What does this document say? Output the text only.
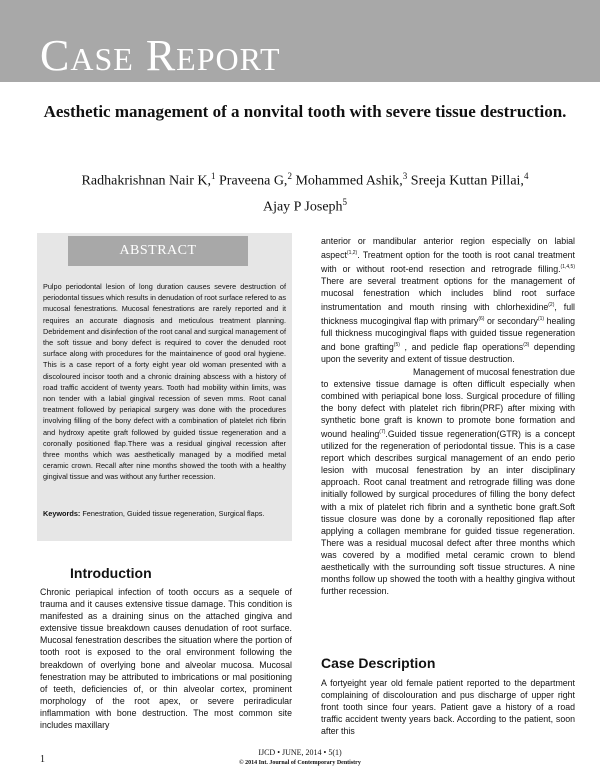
CASE REPORT
Aesthetic management of a nonvital tooth with severe tissue destruction.
Radhakrishnan Nair K,$^1$ Praveena G,$^2$ Mohammed Ashik,$^3$ Sreeja Kuttan Pillai,$^4$
Ajay P Joseph$^5$
ABSTRACT
Pulpo periodontal lesion of long duration causes severe destruction of periodontal tissues which results in denudation of root surface refered to as mucosal fenestrations. Mucosal fenestrations are rarely reported and it requires an accurate diagnosis and meticulous treatment planning. Debridement and disinfection of the root canal and surgical management of the soft tissue and bony defect is required to cover the denuded root surface along with procedures for the maintainence of good oral hygiene. This is a case report of a forty eight year old woman presented with a discoloured incisor tooth and a chronic draining abscess with a history of road traffic accident of twenty years. Tooth had mobility within limits, was non tender with a labial gingival recession of seven mms. Root canal treatment followed by periapical surgery was done with the procedures involving filling of the bony defect with a combination of platelet rich fibrin and hydroxy apetite graft followed by guided tissue regeneration and a coronally positioned flap.There was a residual gingival recession after three months which was aesthetically managed by a modified metal ceramic crown. Recall after nine months showed the tooth with a healthy gingival tissue and was without any further recession.
Keywords: Fenestration, Guided tissue regeneration, Surgical flaps.
Introduction
Chronic periapical infection of tooth occurs as a sequele of trauma and it causes extensive tissue damage. This condition is manifested as a draining sinus on the attached gingiva and extensive tissue breakdown causes denudation of root surface. Mucosal fenestration describes the situation where the portion of tooth root is exposed to the oral environment following the breakdown of overlying bone and alveolar mucosa. Mucosal fenestration may be attributed to imbrications or mal positioning of teeth, deficiencies of, or thin alveolar cortex, prominent morphology of the root apex, or severe periradicular inflammation with bone destruction. The most common site includes maxillary
anterior or mandibular anterior region especially on labial aspect$^{(1,2)}$. Treatment option for the tooth is root canal treatment with or without root-end resection and retrograde filling.$^{(1,4,5)}$ There are several treatment options for the management of mucosal fenestration which includes blind root surface instrumentation and mouth rinsing with chlorhexidine$^{(2)}$, full thickness mucogingival flap with primary$^{(6)}$ or secondary$^{(1)}$ healing full thickness mucogingival flaps with guided tissue regeneration and bone grafting$^{(5)}$ , and pedicle flap operations$^{(3)}$ depending upon the severity and extent of tissue destruction.
Management of mucosal fenestration due to extensive tissue damage is often difficult especially when combined with periapical bone loss. Surgical procedure of filling the bony defect with platelet rich fibrin(PRF) after mixing with synthetic bone graft is known to promote bone formation and wound healing$^{(7)}$.Guided tissue regeneration(GTR) is a concept utilized for the regeneration of periodontal tissue. This is a case report which describes surgical management of an endo perio lesion with mucosal fenestration by an inter disciplinary approach. Root canal treatment and retrograde filling was done initially followed by surgical procedures of filling the bony defect with a mix of platelet rich fibrin and a synthetic bone graft.Soft tissue closure was done by a coronally repositioned flap after applying a collagen membrane for guided tissue regeneration. There was a residual mucosal defect after three months which was covered by a modified metal ceramic crown to blend aesthetically with the surrounding soft tissue structures. A nine months follow up showed the tooth with a healthy gingiva without further recession.
Case Description
A fortyeight year old female patient reported to the department complaining of discolouration and pus discharge of upper right front tooth since four years. Patient gave a history of a road traffic accident twenty years back. According to the patient, soon after this
1
IJCD • JUNE, 2014 • 5(1)
© 2014 Int. Journal of Contemporary Dentistry
